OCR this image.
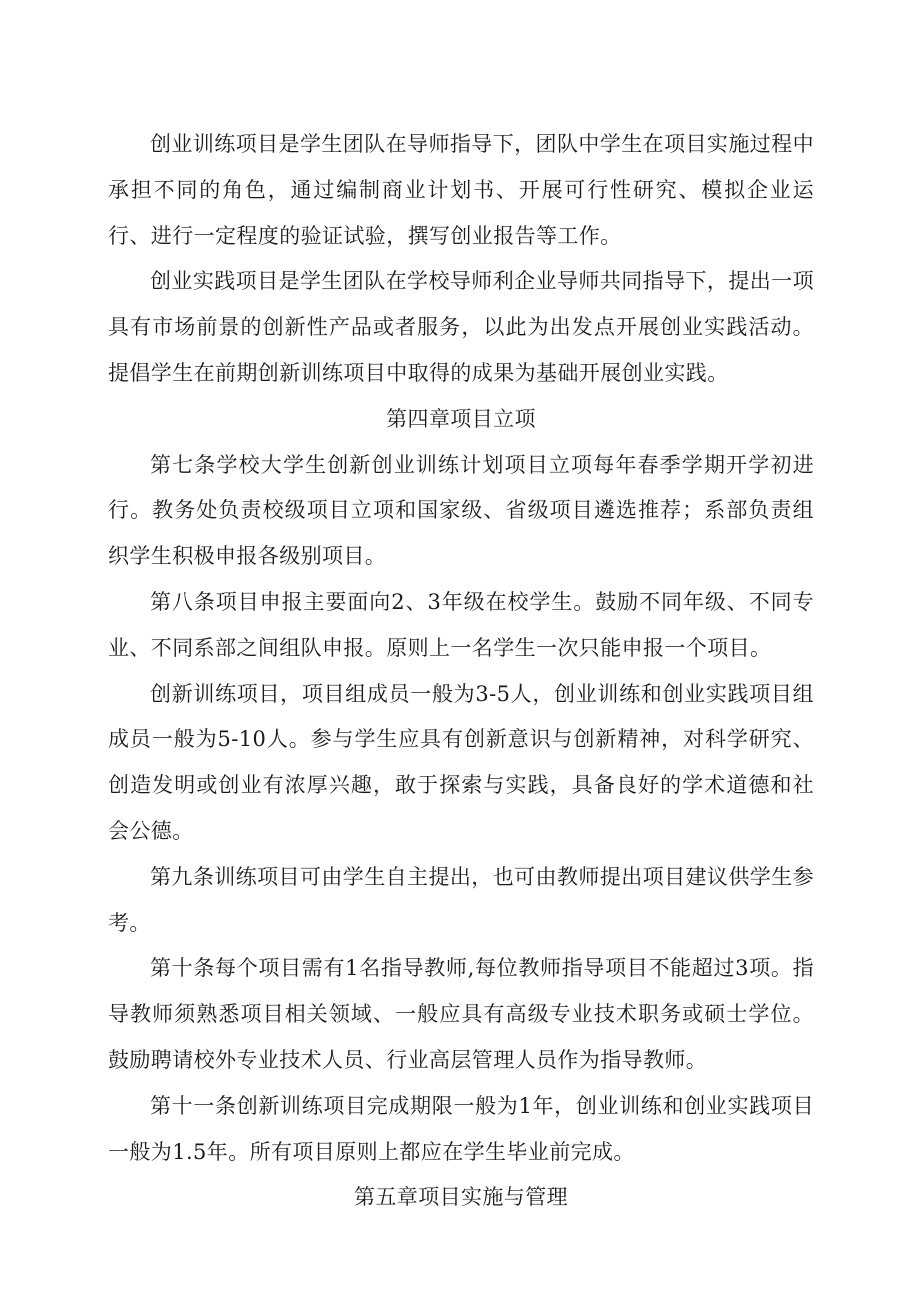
创业训练项目是学生团队在导师指导下，团队中学生在项目实施过程中承担不同的角色，通过编制商业计划书、开展可行性研究、模拟企业运行、进行一定程度的验证试验，撰写创业报告等工作。

创业实践项目是学生团队在学校导师利企业导师共同指导下，提出一项具有市场前景的创新性产品或者服务，以此为出发点开展创业实践活动。提倡学生在前期创新训练项目中取得的成果为基础开展创业实践。

第四章项目立项

第七条学校大学生创新创业训练计划项目立项每年春季学期开学初进行。教务处负责校级项目立项和国家级、省级项目遴选推荐；系部负责组织学生积极申报各级别项目。

第八条项目申报主要面向2、3年级在校学生。鼓励不同年级、不同专业、不同系部之间组队申报。原则上一名学生一次只能申报一个项目。

创新训练项目，项目组成员一般为3-5人，创业训练和创业实践项目组成员一般为5-10人。参与学生应具有创新意识与创新精神，对科学研究、创造发明或创业有浓厚兴趣，敢于探索与实践，具备良好的学术道德和社会公德。

第九条训练项目可由学生自主提出，也可由教师提出项目建议供学生参考。

第十条每个项目需有1名指导教师,每位教师指导项目不能超过3项。指导教师须熟悉项目相关领域、一般应具有高级专业技术职务或硕士学位。鼓励聘请校外专业技术人员、行业高层管理人员作为指导教师。

第十一条创新训练项目完成期限一般为1年，创业训练和创业实践项目一般为1.5年。所有项目原则上都应在学生毕业前完成。

第五章项目实施与管理
